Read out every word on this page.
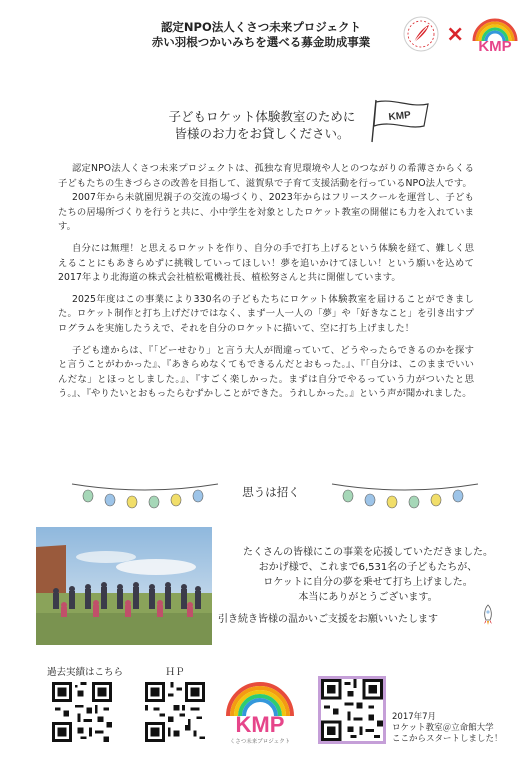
認定NPO法人くさつ未来プロジェクト
赤い羽根つかいみちを選べる募金助成事業	× KMP
子どもロケット体験教室のために
皆様のお力をお貸しください。
KMP

認定NPO法人くさつ未来プロジェクトは、孤独な育児環境や人とのつながりの希薄さからくる子どもたちの生きづらさの改善を目指して、滋賀県で子育て支援活動を行っているNPO法人です。

2007年から未就園児親子の交流の場づくり、2023年からはフリースクールを運営し、子どもたちの居場所づくりを行うと共に、小中学生を対象としたロケット教室の開催にも力を入れています。

自分には無理！と思えるロケットを作り、自分の手で打ち上げるという体験を経て、難しく思えることにもあきらめずに挑戦していってほしい！夢を追いかけてほしい！という願いを込めて2017年より北海道の株式会社植松電機社長、植松努さんと共に開催しています。

2025年度はこの事業により330名の子どもたちにロケット体験教室を届けることができました。ロケット制作と打ち上げだけではなく、まず一人一人の「夢」や「好きなこと」を引き出すプログラムを実施したうえで、それを自分のロケットに描いて、空に打ち上げました！

子ども達からは、『「どーせむり」と言う大人が間違っていて、どうやったらできるのかを探すと言うことがわかった』、『あきらめなくてもできるんだとおもった。』、『「自分は、このままでいいんだな」とほっとしました。』、『すごく楽しかった。まずは自分でやるっていう力がついたと思う。』、『やりたいとおもったらむずかしことができた。うれしかった。』という声が聞かれました。

思うは招く
たくさんの皆様にこの事業を応援していただきました。
おかげ様で、これまで6,531名の子どもたちが、
ロケットに自分の夢を乗せて打ち上げました。
本当にありがとうございます。
引き続き皆様の温かいご支援をお願いいたします
過去実績はこちら	ＨＰ
KMP
くさつ未来プロジェクト
2017年7月
ロケット教室＠立命館大学
ここからスタートしました！
